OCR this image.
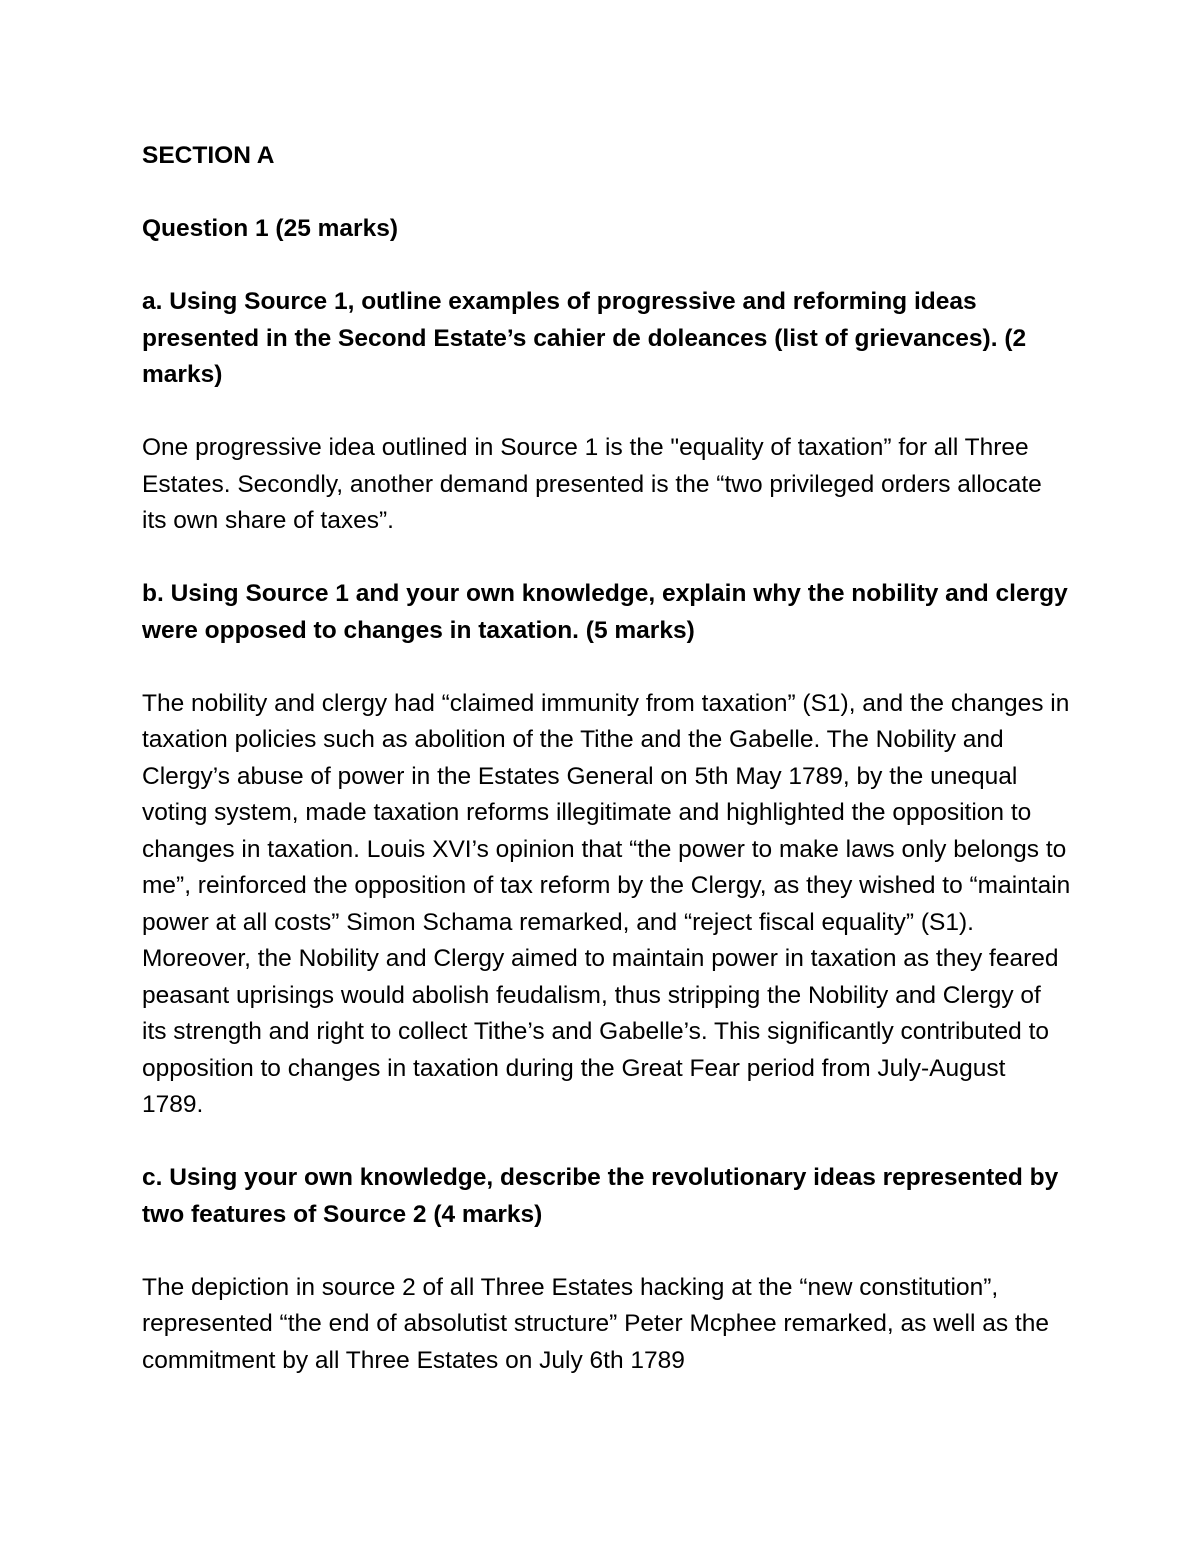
SECTION A

Question 1 (25 marks)

a. Using Source 1, outline examples of progressive and reforming ideas presented in the Second Estate’s cahier de doleances (list of grievances). (2 marks)

One progressive idea outlined in Source 1 is the "equality of taxation” for all Three Estates. Secondly, another demand presented is the “two privileged orders allocate its own share of taxes”.

b. Using Source 1 and your own knowledge, explain why the nobility and clergy were opposed to changes in taxation. (5 marks)

The nobility and clergy had “claimed immunity from taxation” (S1), and the changes in taxation policies such as abolition of the Tithe and the Gabelle. The Nobility and Clergy’s abuse of power in the Estates General on 5th May 1789, by the unequal voting system, made taxation reforms illegitimate and highlighted the opposition to changes in taxation. Louis XVI’s opinion that “the power to make laws only belongs to me”, reinforced the opposition of tax reform by the Clergy, as they wished to “maintain power at all costs” Simon Schama remarked, and “reject fiscal equality” (S1). Moreover, the Nobility and Clergy aimed to maintain power in taxation as they feared peasant uprisings would abolish feudalism, thus stripping the Nobility and Clergy of its strength and right to collect Tithe’s and Gabelle’s. This significantly contributed to opposition to changes in taxation during the Great Fear period from July-August 1789.

c. Using your own knowledge, describe the revolutionary ideas represented by two features of Source 2 (4 marks)

The depiction in source 2 of all Three Estates hacking at the “new constitution”, represented “the end of absolutist structure” Peter Mcphee remarked, as well as the commitment by all Three Estates on July 6th 1789
